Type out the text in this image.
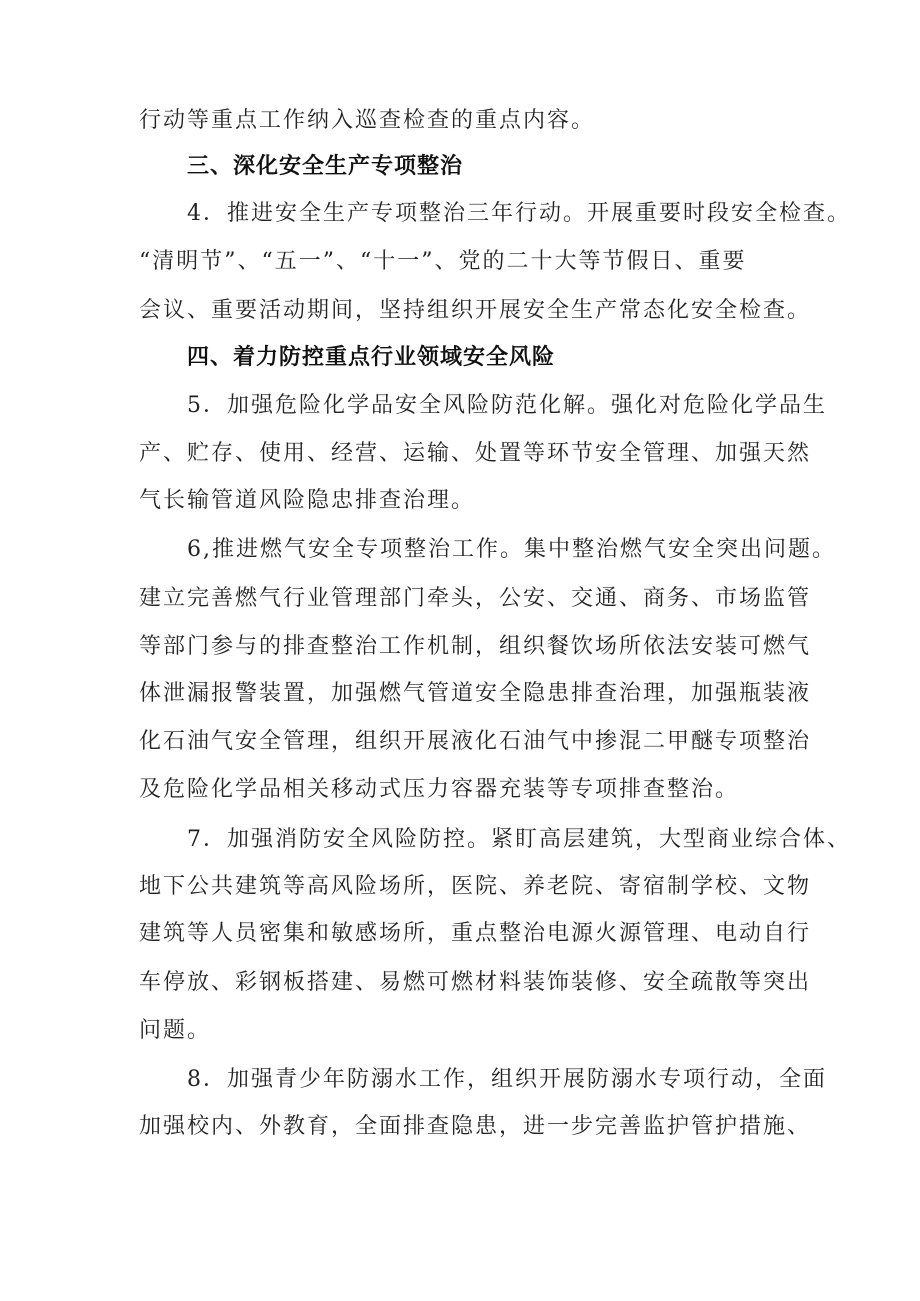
行动等重点工作纳入巡查检查的重点内容。
三、深化安全生产专项整治
4．推进安全生产专项整治三年行动。开展重要时段安全检查。
“清明节”、“五一”、“十一”、党的二十大等节假日、重要
会议、重要活动期间，坚持组织开展安全生产常态化安全检查。
四、着力防控重点行业领域安全风险
5．加强危险化学品安全风险防范化解。强化对危险化学品生
产、贮存、使用、经营、运输、处置等环节安全管理、加强天然
气长输管道风险隐忠排查治理。
6,推进燃气安全专项整治工作。集中整治燃气安全突出问题。
建立完善燃气行业管理部门牵头，公安、交通、商务、市场监管
等部门参与的排查整治工作机制，组织餐饮场所依法安装可燃气
体泄漏报警装置，加强燃气管道安全隐患排查治理，加强瓶装液
化石油气安全管理，组织开展液化石油气中掺混二甲醚专项整治
及危险化学品相关移动式压力容器充装等专项排查整治。
7．加强消防安全风险防控。紧盯高层建筑，大型商业综合体、
地下公共建筑等高风险场所，医院、养老院、寄宿制学校、文物
建筑等人员密集和敏感场所，重点整治电源火源管理、电动自行
车停放、彩钢板搭建、易燃可燃材料装饰装修、安全疏散等突出
问题。
8．加强青少年防溺水工作，组织开展防溺水专项行动，全面
加强校内、外教育，全面排查隐患，进一步完善监护管护措施、
